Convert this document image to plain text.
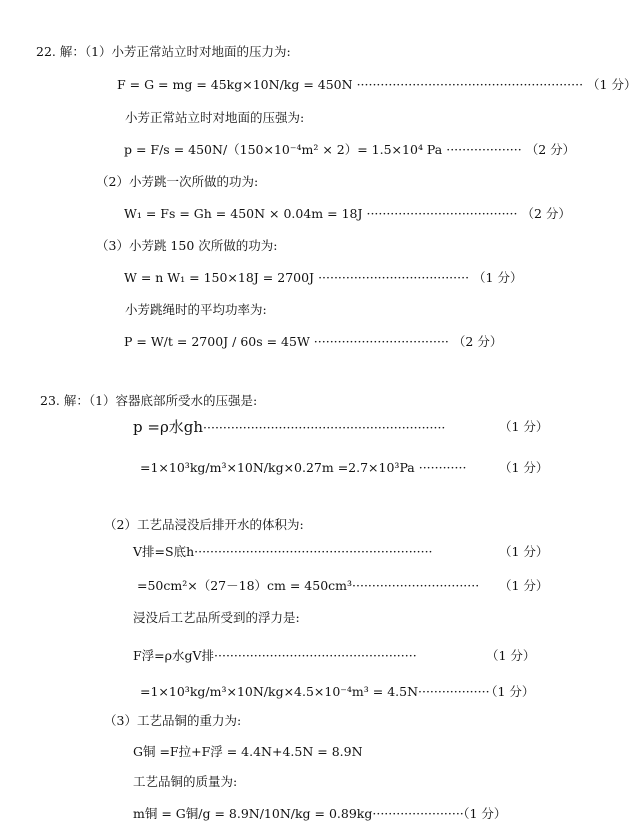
22. 解：（1）小芳正常站立时对地面的压力为:
F = G = mg = 45kg×10N/kg = 450N ························································· （1 分）
小芳正常站立时对地面的压强为:
p = F/s = 450N/（150×10⁻⁴m² × 2）= 1.5×10⁴ Pa ··················· （2 分）
（2）小芳跳一次所做的功为:
W₁ = Fs = Gh = 450N × 0.04m = 18J ······································ （2 分）
（3）小芳跳 150 次所做的功为:
W = n W₁ = 150×18J = 2700J ······································ （1 分）
小芳跳绳时的平均功率为:
P = W/t = 2700J / 60s = 45W ·································· （2 分）
23. 解：（1）容器底部所受水的压强是:
p =ρ水gh·····························································	（1 分）
=1×10³kg/m³×10N/kg×0.27m =2.7×10³Pa ············	（1 分）
（2）工艺品浸没后排开水的体积为:
V排=S底h····························································	（1 分）
=50cm²×（27－18）cm = 450cm³································ （1 分）
浸没后工艺品所受到的浮力是:
F浮=ρ水gV排···················································	（1 分）
=1×10³kg/m³×10N/kg×4.5×10⁻⁴m³ = 4.5N··················
（1 分）
（3）工艺品铜的重力为:
G铜 =F拉+F浮 = 4.4N+4.5N = 8.9N
工艺品铜的质量为:
m铜 = G铜/g = 8.9N/10N/kg = 0.89kg·······················
（1 分）
